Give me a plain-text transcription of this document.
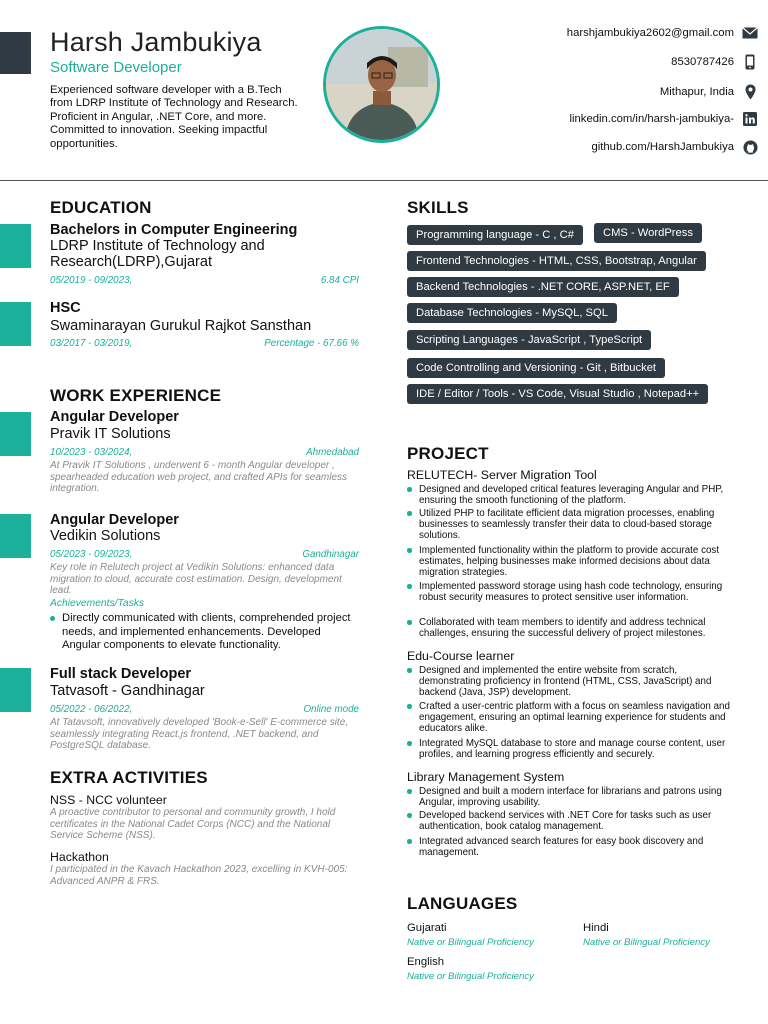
Harsh Jambukiya
Software Developer
Experienced software developer with a B.Tech from LDRP Institute of Technology and Research. Proficient in Angular, .NET Core, and more. Committed to innovation. Seeking impactful opportunities.
harshjambukiya2602@gmail.com
8530787426
Mithapur, India
linkedin.com/in/harsh-jambukiya-
github.com/HarshJambukiya
EDUCATION
Bachelors in Computer Engineering
LDRP Institute of Technology and Research(LDRP),Gujarat
05/2019 - 09/2023,	6.84 CPI
HSC
Swaminarayan Gurukul Rajkot Sansthan
03/2017 - 03/2019,	Percentage - 67.66 %
WORK EXPERIENCE
Angular Developer
Pravik IT Solutions
10/2023 - 03/2024,	Ahmedabad
At Pravik IT Solutions , underwent 6 - month Angular developer , spearheaded education web project, and crafted APIs for seamless integration.
Angular Developer
Vedikin Solutions
05/2023 - 09/2023,	Gandhinagar
Key role in Relutech project at Vedikin Solutions: enhanced data migration to cloud, accurate cost estimation. Design, development lead.
Achievements/Tasks
Directly communicated with clients, comprehended project needs, and implemented enhancements. Developed Angular components to elevate functionality.
Full stack Developer
Tatvasoft - Gandhinagar
05/2022 - 06/2022,	Online mode
At Tatavsoft, innovatively developed 'Book-e-Sell' E-commerce site, seamlessly integrating React.js frontend, .NET backend, and PostgreSQL database.
EXTRA ACTIVITIES
NSS - NCC volunteer
A proactive contributor to personal and community growth, I hold certificates in the National Cadet Corps (NCC) and the National Service Scheme (NSS).
Hackathon
I participated in the Kavach Hackathon 2023, excelling in KVH-005: Advanced ANPR & FRS.
SKILLS
Programming language - C , C#	CMS - WordPress
Frontend Technologies - HTML, CSS, Bootstrap, Angular
Backend Technologies - .NET CORE, ASP.NET, EF
Database Technologies - MySQL, SQL
Scripting Languages - JavaScript , TypeScript
Code Controlling and Versioning - Git , Bitbucket
IDE / Editor / Tools - VS Code, Visual Studio , Notepad++
PROJECT
RELUTECH- Server Migration Tool
Designed and developed critical features leveraging Angular and PHP, ensuring the smooth functioning of the platform.
Utilized PHP to facilitate efficient data migration processes, enabling businesses to seamlessly transfer their data to cloud-based storage solutions.
Implemented functionality within the platform to provide accurate cost estimates, helping businesses make informed decisions about data migration strategies.
Implemented password storage using hash code technology, ensuring robust security measures to protect sensitive user information.
Collaborated with team members to identify and address technical challenges, ensuring the successful delivery of project milestones.
Edu-Course learner
Designed and implemented the entire website from scratch, demonstrating proficiency in frontend (HTML, CSS, JavaScript) and backend (Java, JSP) development.
Crafted a user-centric platform with a focus on seamless navigation and engagement, ensuring an optimal learning experience for students and educators alike.
Integrated MySQL database to store and manage course content, user profiles, and learning progress efficiently and securely.
Library Management System
Designed and built a modern interface for librarians and patrons using Angular, improving usability.
Developed backend services with .NET Core for tasks such as user authentication, book catalog management.
Integrated advanced search features for easy book discovery and management.
LANGUAGES
Gujarati
Native or Bilingual Proficiency
Hindi
Native or Bilingual Proficiency
English
Native or Bilingual Proficiency
